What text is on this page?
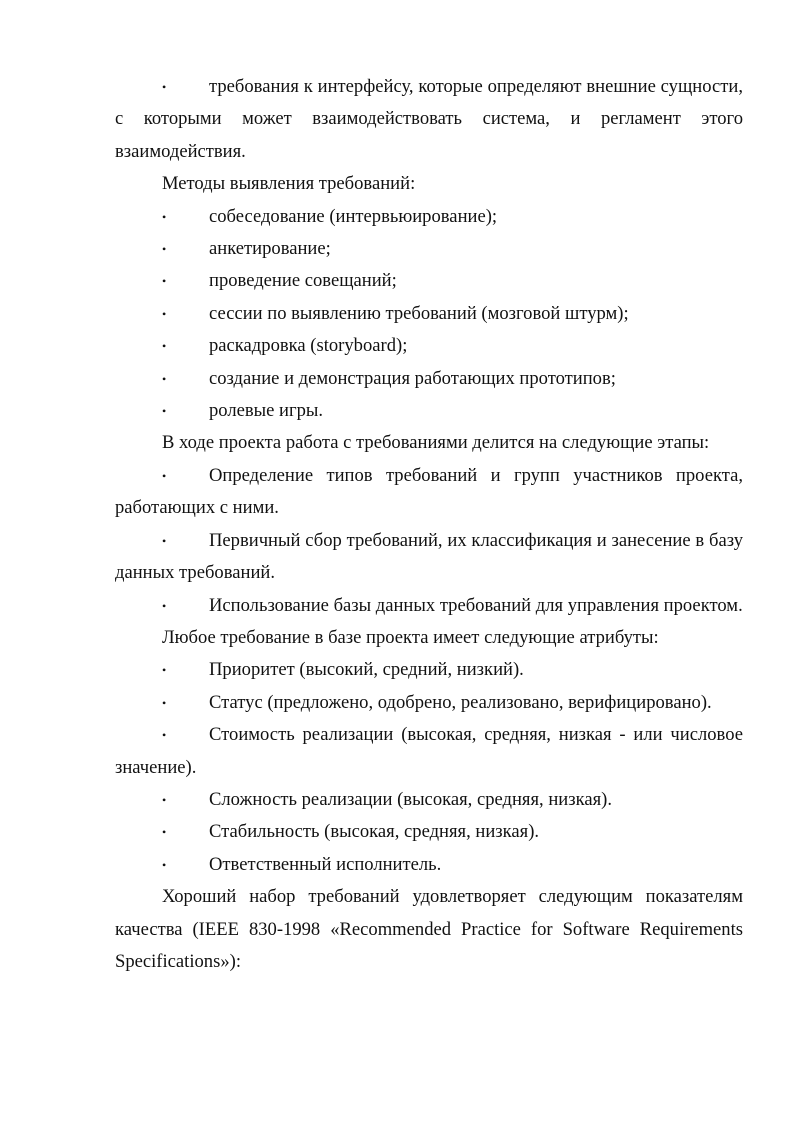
• требования к интерфейсу, которые определяют внешние сущности, с которыми может взаимодействовать система, и регламент этого взаимодействия.

Методы выявления требований:

• собеседование (интервьюирование);

• анкетирование;

• проведение совещаний;

• сессии по выявлению требований (мозговой штурм);

• раскадровка (storyboard);

• создание и демонстрация работающих прототипов;

• ролевые игры.

В ходе проекта работа с требованиями делится на следующие этапы:

• Определение типов требований и групп участников проекта, работающих с ними.

• Первичный сбор требований, их классификация и занесение в базу данных требований.

• Использование базы данных требований для управления проектом.

Любое требование в базе проекта имеет следующие атрибуты:

• Приоритет (высокий, средний, низкий).

• Статус (предложено, одобрено, реализовано, верифицировано).

• Стоимость реализации (высокая, средняя, низкая - или числовое значение).

• Сложность реализации (высокая, средняя, низкая).

• Стабильность (высокая, средняя, низкая).

• Ответственный исполнитель.

Хороший набор требований удовлетворяет следующим показателям качества (IEEE 830-1998 «Recommended Practice for Software Requirements Specifications»):
